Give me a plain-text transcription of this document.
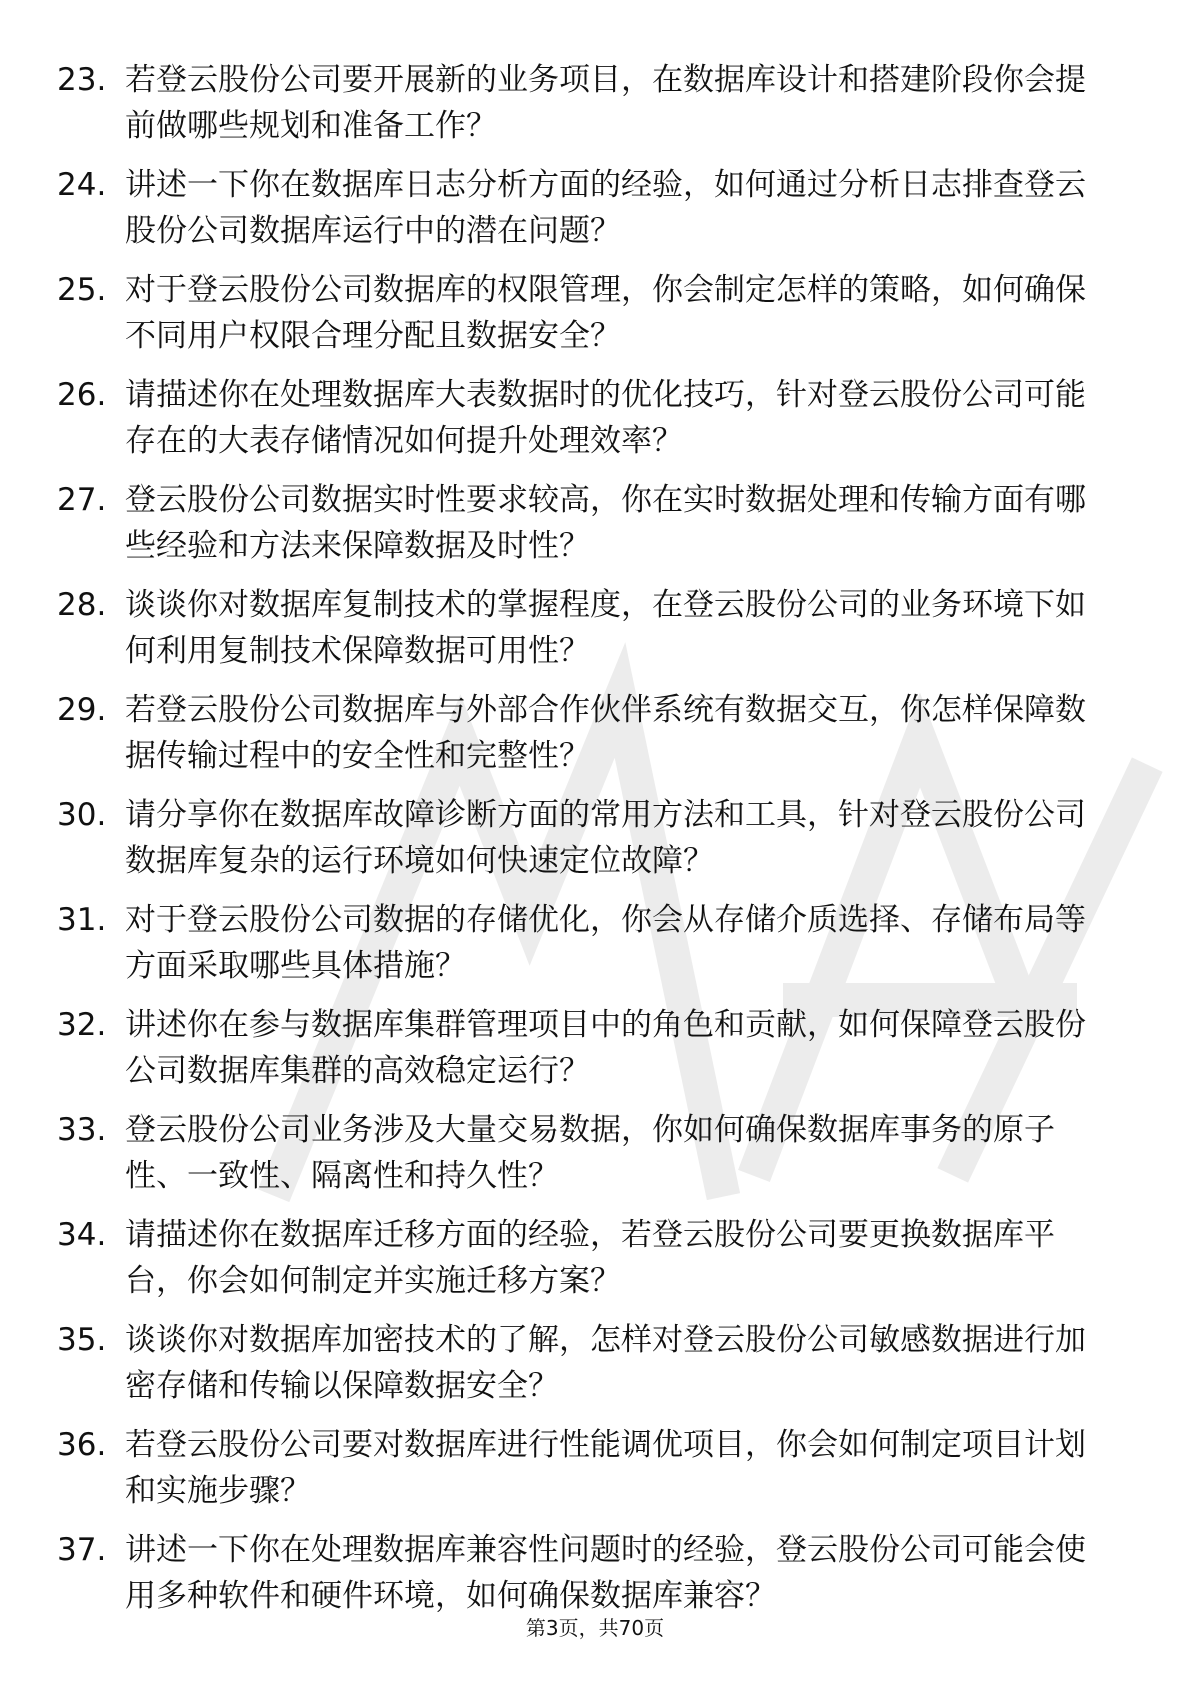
23. 若登云股份公司要开展新的业务项目，在数据库设计和搭建阶段你会提前做哪些规划和准备工作？
24. 讲述一下你在数据库日志分析方面的经验，如何通过分析日志排查登云股份公司数据库运行中的潜在问题？
25. 对于登云股份公司数据库的权限管理，你会制定怎样的策略，如何确保不同用户权限合理分配且数据安全？
26. 请描述你在处理数据库大表数据时的优化技巧，针对登云股份公司可能存在的大表存储情况如何提升处理效率？
27. 登云股份公司数据实时性要求较高，你在实时数据处理和传输方面有哪些经验和方法来保障数据及时性？
28. 谈谈你对数据库复制技术的掌握程度，在登云股份公司的业务环境下如何利用复制技术保障数据可用性？
29. 若登云股份公司数据库与外部合作伙伴系统有数据交互，你怎样保障数据传输过程中的安全性和完整性？
30. 请分享你在数据库故障诊断方面的常用方法和工具，针对登云股份公司数据库复杂的运行环境如何快速定位故障？
31. 对于登云股份公司数据的存储优化，你会从存储介质选择、存储布局等方面采取哪些具体措施？
32. 讲述你在参与数据库集群管理项目中的角色和贡献，如何保障登云股份公司数据库集群的高效稳定运行？
33. 登云股份公司业务涉及大量交易数据，你如何确保数据库事务的原子性、一致性、隔离性和持久性？
34. 请描述你在数据库迁移方面的经验，若登云股份公司要更换数据库平台，你会如何制定并实施迁移方案？
35. 谈谈你对数据库加密技术的了解，怎样对登云股份公司敏感数据进行加密存储和传输以保障数据安全？
36. 若登云股份公司要对数据库进行性能调优项目，你会如何制定项目计划和实施步骤？
37. 讲述一下你在处理数据库兼容性问题时的经验，登云股份公司可能会使用多种软件和硬件环境，如何确保数据库兼容？
第3页，共70页
